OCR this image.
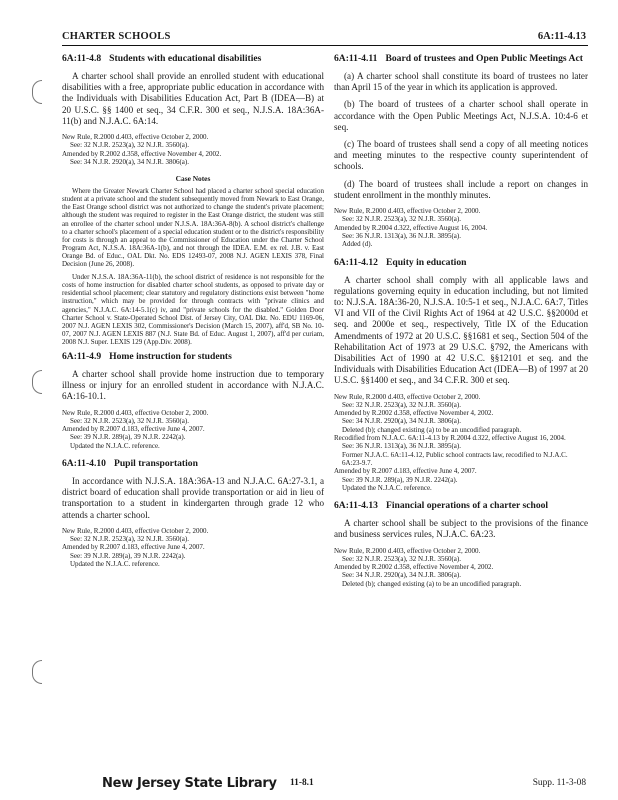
CHARTER SCHOOLS	6A:11-4.13
6A:11-4.8 Students with educational disabilities

A charter school shall provide an enrolled student with educational disabilities with a free, appropriate public education in accordance with the Individuals with Disabilities Education Act, Part B (IDEA—B) at 20 U.S.C. §§ 1400 et seq., 34 C.F.R. 300 et seq., N.J.S.A. 18A:36A-11(b) and N.J.A.C. 6A:14.

New Rule, R.2000 d.403, effective October 2, 2000.
See: 32 N.J.R. 2523(a), 32 N.J.R. 3560(a).
Amended by R.2002 d.358, effective November 4, 2002.
See: 34 N.J.R. 2920(a), 34 N.J.R. 3806(a).
Case Notes

Where the Greater Newark Charter School had placed a charter school special education student at a private school and the student subsequently moved from Newark to East Orange, the East Orange school district was not authorized to change the student's private placement; although the student was required to register in the East Orange district, the student was still an enrollee of the charter school under N.J.S.A. 18A:36A-8(b). A school district's challenge to a charter school's placement of a special education student or to the district's responsibility for costs is through an appeal to the Commissioner of Education under the Charter School Program Act, N.J.S.A. 18A:36A-1(b), and not through the IDEA. E.M. ex rel. J.B. v. East Orange Bd. of Educ., OAL Dkt. No. EDS 12493-07, 2008 N.J. AGEN LEXIS 378, Final Decision (June 26, 2008).

Under N.J.S.A. 18A:36A-11(b), the school district of residence is not responsible for the costs of home instruction for disabled charter school students, as opposed to private day or residential school placement; clear statutory and regulatory distinctions exist between "home instruction," which may be provided for through contracts with "private clinics and agencies," N.J.A.C. 6A:14-5.1(c) iv, and "private schools for the disabled." Golden Door Charter School v. State-Operated School Dist. of Jersey City, OAL Dkt. No. EDU 1169-06, 2007 N.J. AGEN LEXIS 302, Commissioner's Decision (March 15, 2007), aff'd, SB No. 10-07, 2007 N.J. AGEN LEXIS 887 (N.J. State Bd. of Educ. August 1, 2007), aff'd per curiam, 2008 N.J. Super. LEXIS 129 (App.Div. 2008).

6A:11-4.9 Home instruction for students

A charter school shall provide home instruction due to temporary illness or injury for an enrolled student in accordance with N.J.A.C. 6A:16-10.1.

New Rule, R.2000 d.403, effective October 2, 2000.
See: 32 N.J.R. 2523(a), 32 N.J.R. 3560(a).
Amended by R.2007 d.183, effective June 4, 2007.
See: 39 N.J.R. 289(a), 39 N.J.R. 2242(a).
Updated the N.J.A.C. reference.
6A:11-4.10 Pupil transportation

In accordance with N.J.S.A. 18A:36A-13 and N.J.A.C. 6A:27-3.1, a district board of education shall provide transportation or aid in lieu of transportation to a student in kindergarten through grade 12 who attends a charter school.

New Rule, R.2000 d.403, effective October 2, 2000.
See: 32 N.J.R. 2523(a), 32 N.J.R. 3560(a).
Amended by R.2007 d.183, effective June 4, 2007.
See: 39 N.J.R. 289(a), 39 N.J.R. 2242(a).
Updated the N.J.A.C. reference.
6A:11-4.11 Board of trustees and Open Public Meetings Act

(a) A charter school shall constitute its board of trustees no later than April 15 of the year in which its application is approved.

(b) The board of trustees of a charter school shall operate in accordance with the Open Public Meetings Act, N.J.S.A. 10:4-6 et seq.

(c) The board of trustees shall send a copy of all meeting notices and meeting minutes to the respective county superintendent of schools.

(d) The board of trustees shall include a report on changes in student enrollment in the monthly minutes.

New Rule, R.2000 d.403, effective October 2, 2000.
See: 32 N.J.R. 2523(a), 32 N.J.R. 3560(a).
Amended by R.2004 d.322, effective August 16, 2004.
See: 36 N.J.R. 1313(a), 36 N.J.R. 3895(a).
Added (d).
6A:11-4.12 Equity in education

A charter school shall comply with all applicable laws and regulations governing equity in education including, but not limited to: N.J.S.A. 18A:36-20, N.J.S.A. 10:5-1 et seq., N.J.A.C. 6A:7, Titles VI and VII of the Civil Rights Act of 1964 at 42 U.S.C. §§2000d et seq. and 2000e et seq., respectively, Title IX of the Education Amendments of 1972 at 20 U.S.C. §§1681 et seq., Section 504 of the Rehabilitation Act of 1973 at 29 U.S.C. §792, the Americans with Disabilities Act of 1990 at 42 U.S.C. §§12101 et seq. and the Individuals with Disabilities Education Act (IDEA—B) of 1997 at 20 U.S.C. §§1400 et seq., and 34 C.F.R. 300 et seq.

New Rule, R.2000 d.403, effective October 2, 2000.
See: 32 N.J.R. 2523(a), 32 N.J.R. 3560(a).
Amended by R.2002 d.358, effective November 4, 2002.
See: 34 N.J.R. 2920(a), 34 N.J.R. 3806(a).
Deleted (b); changed existing (a) to be an uncodified paragraph.
Recodified from N.J.A.C. 6A:11-4.13 by R.2004 d.322, effective August 16, 2004.
See: 36 N.J.R. 1313(a), 36 N.J.R. 3895(a).
Former N.J.A.C. 6A:11-4.12, Public school contracts law, recodified to N.J.A.C. 6A:23-9.7.
Amended by R.2007 d.183, effective June 4, 2007.
See: 39 N.J.R. 289(a), 39 N.J.R. 2242(a).
Updated the N.J.A.C. reference.
6A:11-4.13 Financial operations of a charter school

A charter school shall be subject to the provisions of the finance and business services rules, N.J.A.C. 6A:23.

New Rule, R.2000 d.403, effective October 2, 2000.
See: 32 N.J.R. 2523(a), 32 N.J.R. 3560(a).
Amended by R.2002 d.358, effective November 4, 2002.
See: 34 N.J.R. 2920(a), 34 N.J.R. 3806(a).
Deleted (b); changed existing (a) to be an uncodified paragraph.
New Jersey State Library 11-8.1	Supp. 11-3-08
